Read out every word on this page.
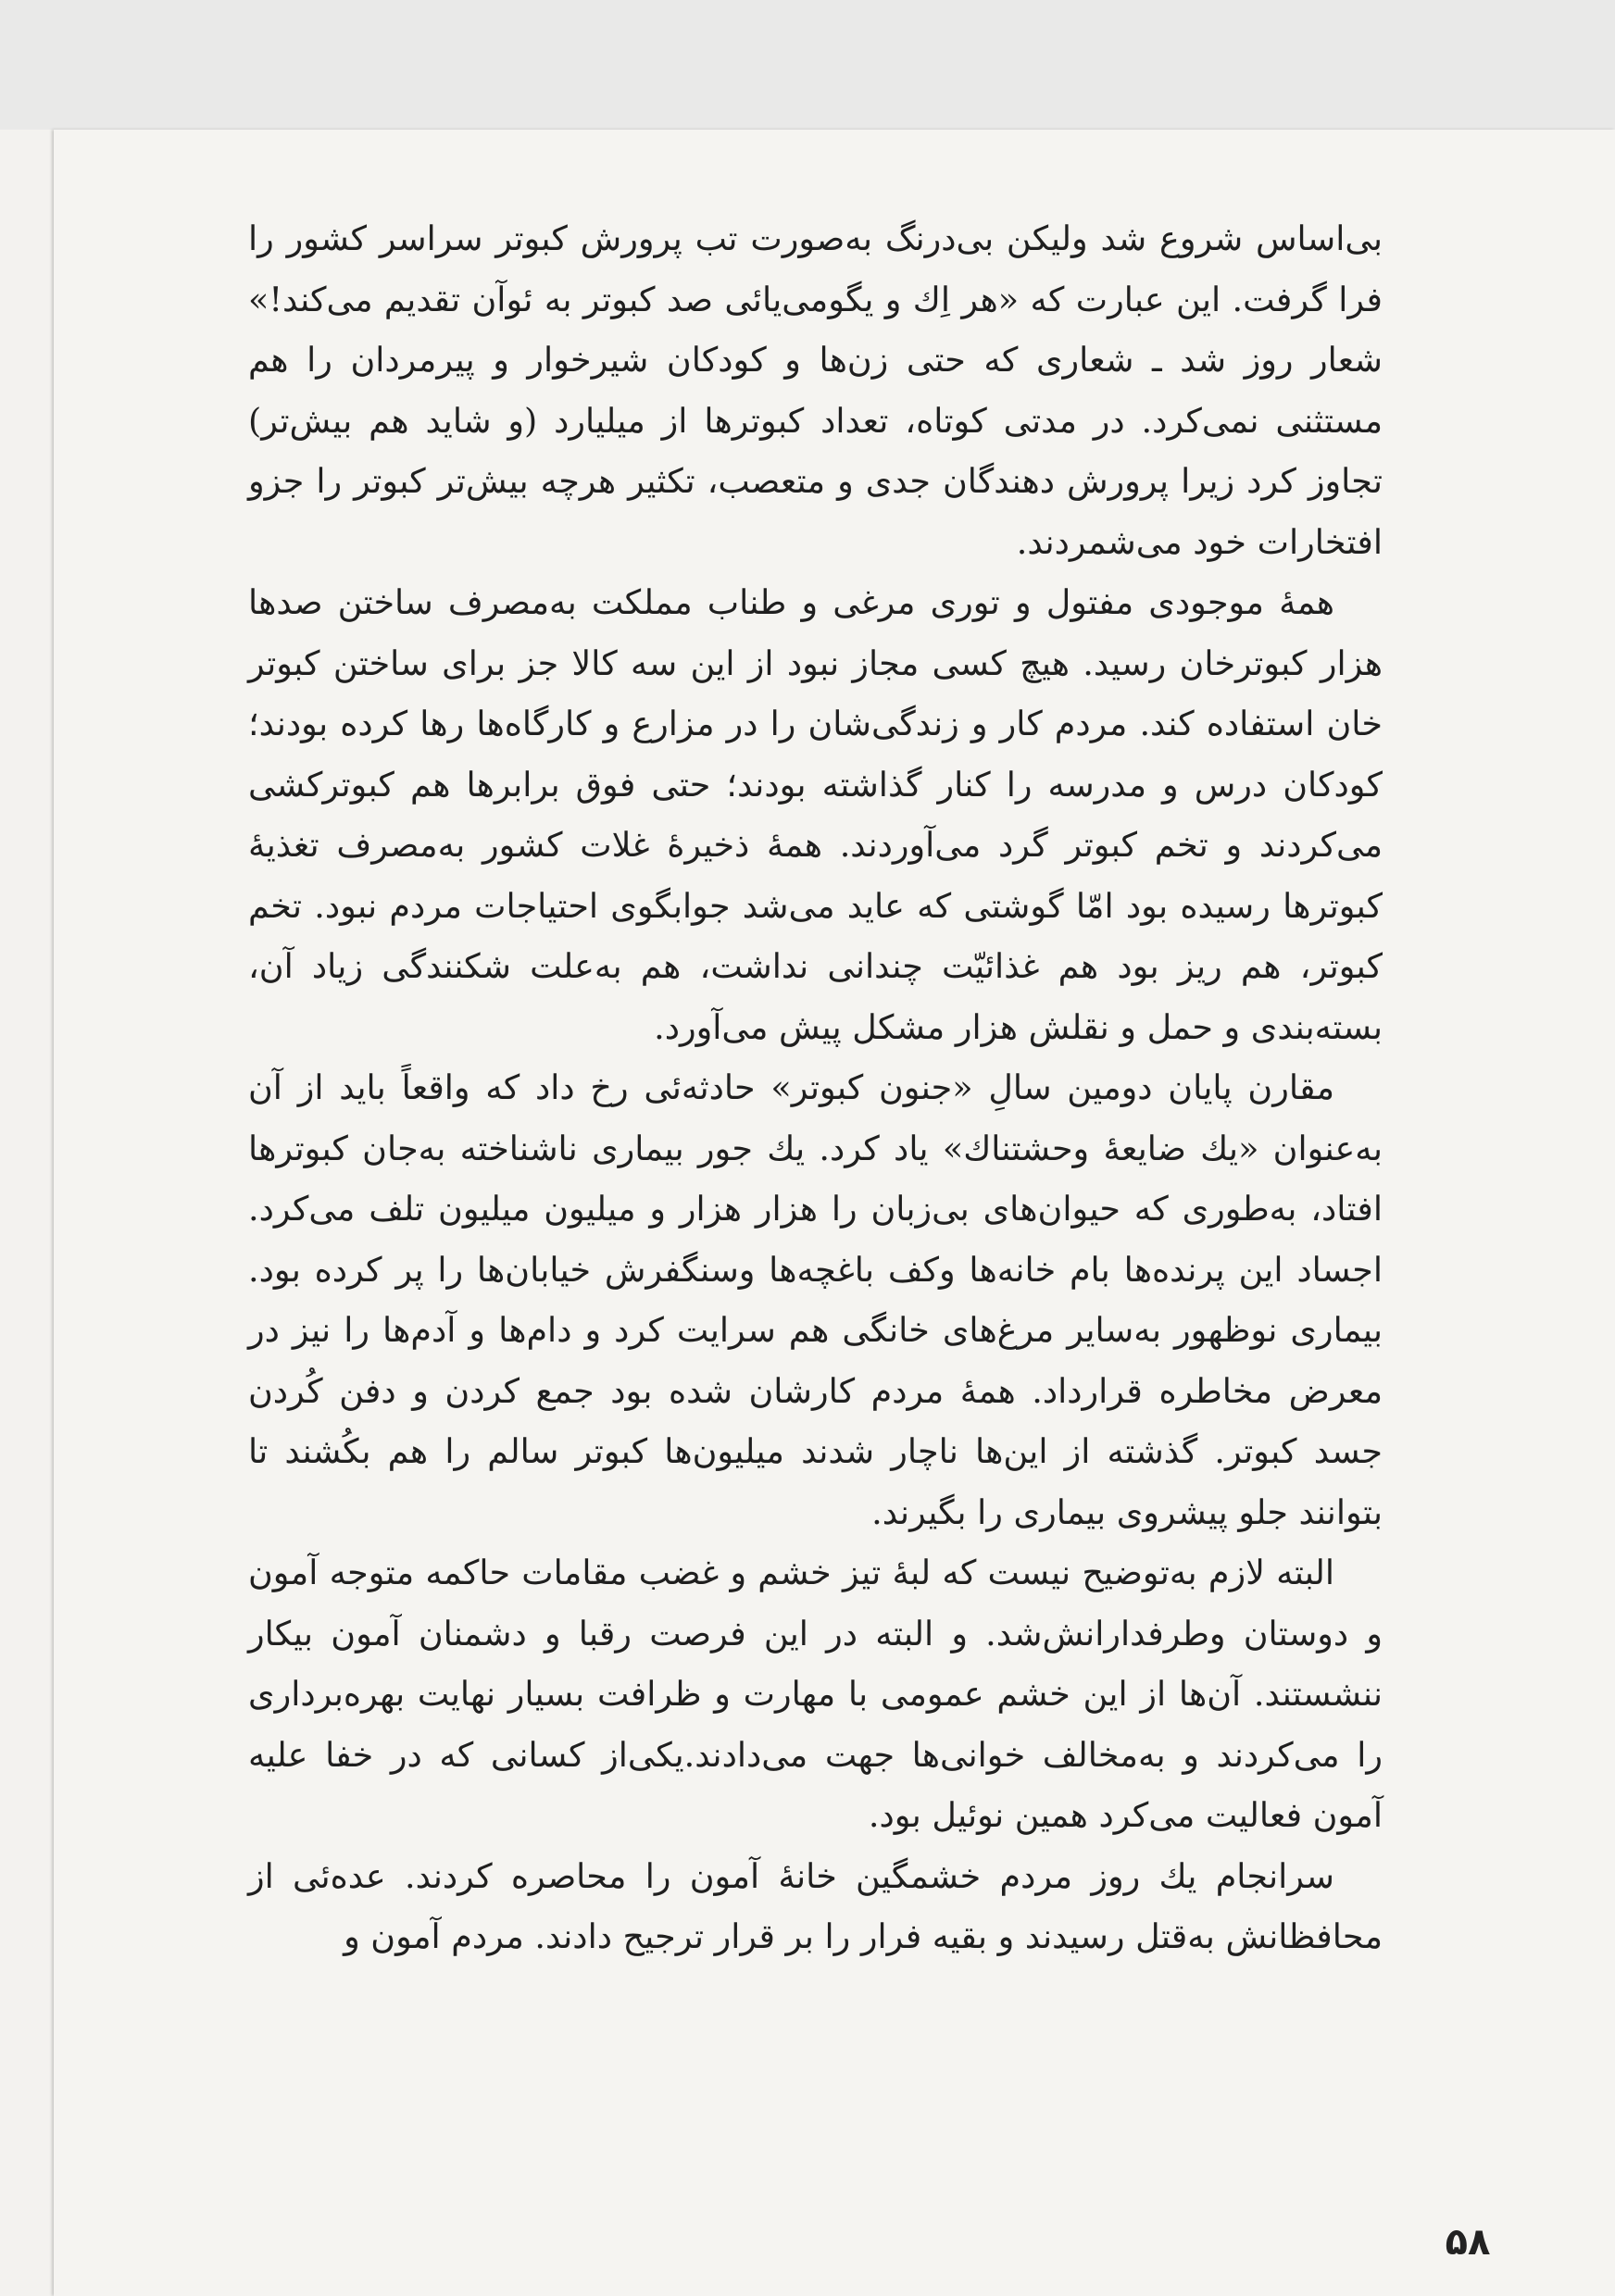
بی‌اساس شروع شد ولیکن بی‌درنگ به‌صورت تب پرورش کبوتر سراسر کشور را فرا گرفت. این عبارت که «هر اِك و یگومی‌یائی صد کبوتر به ئوآن تقدیم می‌کند!» شعار روز شد ـ شعاری که حتی زن‌ها و کودکان شیرخوار و پیرمردان را هم مستثنی نمی‌کرد. در مدتی کوتاه، تعداد کبوترها از میلیارد (و شاید هم بیش‌تر) تجاوز کرد زیرا پرورش دهندگان جدی و متعصب، تکثیر هرچه بیش‌تر کبوتر را جزو افتخارات خود می‌شمردند.

همهٔ موجودی مفتول و توری مرغی و طناب مملکت به‌مصرف ساختن صدها هزار کبوترخان رسید. هیچ کسی مجاز نبود از این سه کالا جز برای ساختن کبوتر خان استفاده کند. مردم کار و زندگی‌شان را در مزارع و کارگاه‌ها رها کرده بودند؛ کودکان درس و مدرسه را کنار گذاشته بودند؛ حتی فوق برابرها هم کبوترکشی می‌کردند و تخم کبوتر گرد می‌آوردند. همهٔ ذخیرهٔ غلات کشور به‌مصرف تغذیهٔ کبوترها رسیده بود امّا گوشتی که عاید می‌شد جوابگوی احتیاجات مردم نبود. تخم کبوتر، هم ریز بود هم غذائیّت چندانی نداشت، هم به‌علت شکنندگی زیاد آن، بسته‌بندی و حمل و نقلش هزار مشکل پیش می‌آورد.

مقارن پایان دومین سالِ «جنون کبوتر» حادثه‌ئی رخ داد که واقعاً باید از آن به‌عنوان «یك ضایعهٔ وحشتناك» یاد کرد. یك جور بیماری ناشناخته به‌جان کبوترها افتاد، به‌طوری که حیوان‌های بی‌زبان را هزار هزار و میلیون میلیون تلف می‌کرد. اجساد این پرنده‌ها بام خانه‌ها وکف باغچه‌ها وسنگفرش خیابان‌ها را پر کرده بود. بیماری نوظهور به‌سایر مرغ‌های خانگی هم سرایت کرد و دام‌ها و آدم‌ها را نیز در معرض مخاطره قرارداد. همهٔ مردم کارشان شده بود جمع کردن و دفن کُردن جسد کبوتر. گذشته از این‌ها ناچار شدند میلیون‌ها کبوتر سالم را هم بکُشند تا بتوانند جلو پیشروی بیماری را بگیرند.

البته لازم به‌توضیح نیست که لبهٔ تیز خشم و غضب مقامات حاکمه متوجه آمون و دوستان وطرفدارانش‌شد. و البته در این فرصت رقبا و دشمنان آمون بیکار ننشستند. آن‌ها از این خشم عمومی با مهارت و ظرافت بسیار نهایت بهره‌برداری را می‌کردند و به‌مخالف خوانی‌ها جهت می‌دادند.یکی‌از کسانی که در خفا علیه آمون فعالیت می‌کرد همین نوئیل بود.

سرانجام یك روز مردم خشمگین خانهٔ آمون را محاصره کردند. عده‌ئی از محافظانش به‌قتل رسیدند و بقیه فرار را بر قرار ترجیح دادند. مردم آمون و

۵۸
